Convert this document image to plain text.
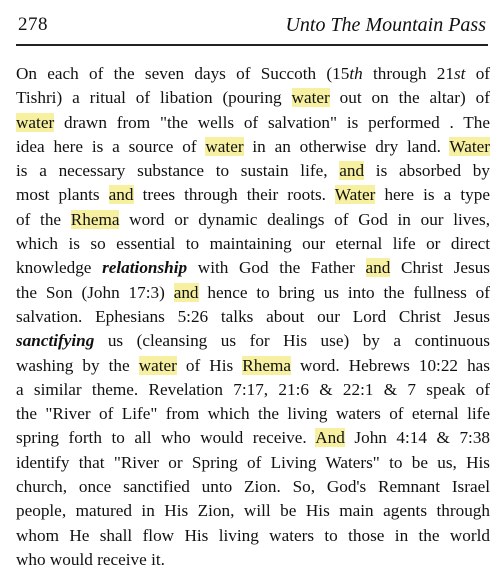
278	Unto The Mountain Pass
On each of the seven days of Succoth (15th through 21st of
Tishri) a ritual of libation (pouring water out on the altar) of
water drawn from "the wells of salvation" is performed . The
idea here is a source of water in an otherwise dry land. Water
is a necessary substance to sustain life, and is absorbed by
most plants and trees through their roots. Water here is a type
of the Rhema word or dynamic dealings of God in our lives,
which is so essential to maintaining our eternal life or direct
knowledge relationship with God the Father and Christ Jesus
the Son (John 17:3) and hence to bring us into the fullness of
salvation. Ephesians 5:26 talks about our Lord Christ Jesus
sanctifying us (cleansing us for His use) by a continuous
washing by the water of His Rhema word. Hebrews 10:22 has
a similar theme. Revelation 7:17, 21:6 & 22:1 & 7 speak of
the "River of Life" from which the living waters of eternal life
spring forth to all who would receive. And John 4:14 & 7:38
identify that "River or Spring of Living Waters" to be us, His
church, once sanctified unto Zion. So, God's Remnant Israel
people, matured in His Zion, will be His main agents through
whom He shall flow His living waters to those in the world
who would receive it.
